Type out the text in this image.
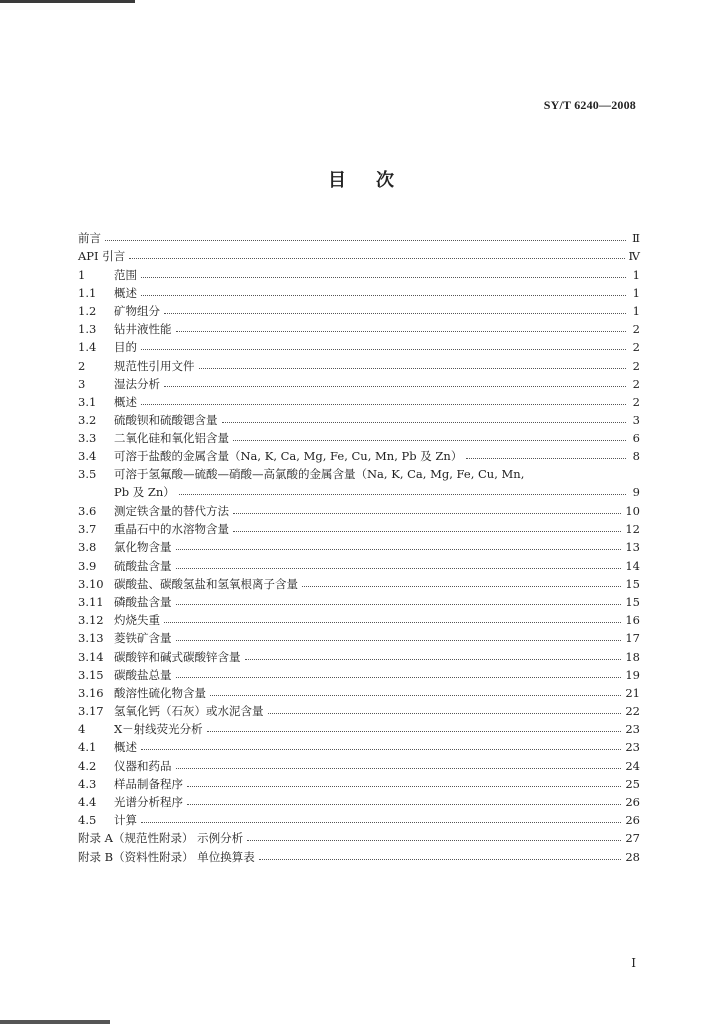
SY/T 6240—2008
目次
前言	Ⅱ
API 引言	Ⅳ
1	范围	1
1.1	概述	1
1.2	矿物组分	1
1.3	钻井液性能	2
1.4	目的	2
2	规范性引用文件	2
3	湿法分析	2
3.1	概述	2
3.2	硫酸钡和硫酸锶含量	3
3.3	二氧化硅和氧化铝含量	6
3.4	可溶于盐酸的金属含量（Na, K, Ca, Mg, Fe, Cu, Mn, Pb 及 Zn）	8
3.5	可溶于氢氟酸—硫酸—硝酸—高氯酸的金属含量（Na, K, Ca, Mg, Fe, Cu, Mn,
Pb 及 Zn）	9
3.6	测定铁含量的替代方法	10
3.7	重晶石中的水溶物含量	12
3.8	氯化物含量	13
3.9	硫酸盐含量	14
3.10 碳酸盐、碳酸氢盐和氢氧根离子含量	15
3.11 磷酸盐含量	15
3.12 灼烧失重	16
3.13 菱铁矿含量	17
3.14 碳酸锌和碱式碳酸锌含量	18
3.15 碳酸盐总量	19
3.16 酸溶性硫化物含量	21
3.17 氢氧化钙（石灰）或水泥含量	22
4	X－射线荧光分析	23
4.1	概述	23
4.2	仪器和药品	24
4.3	样品制备程序	25
4.4	光谱分析程序	26
4.5	计算	26
附录 A（规范性附录） 示例分析	27
附录 B（资料性附录） 单位换算表	28
I
